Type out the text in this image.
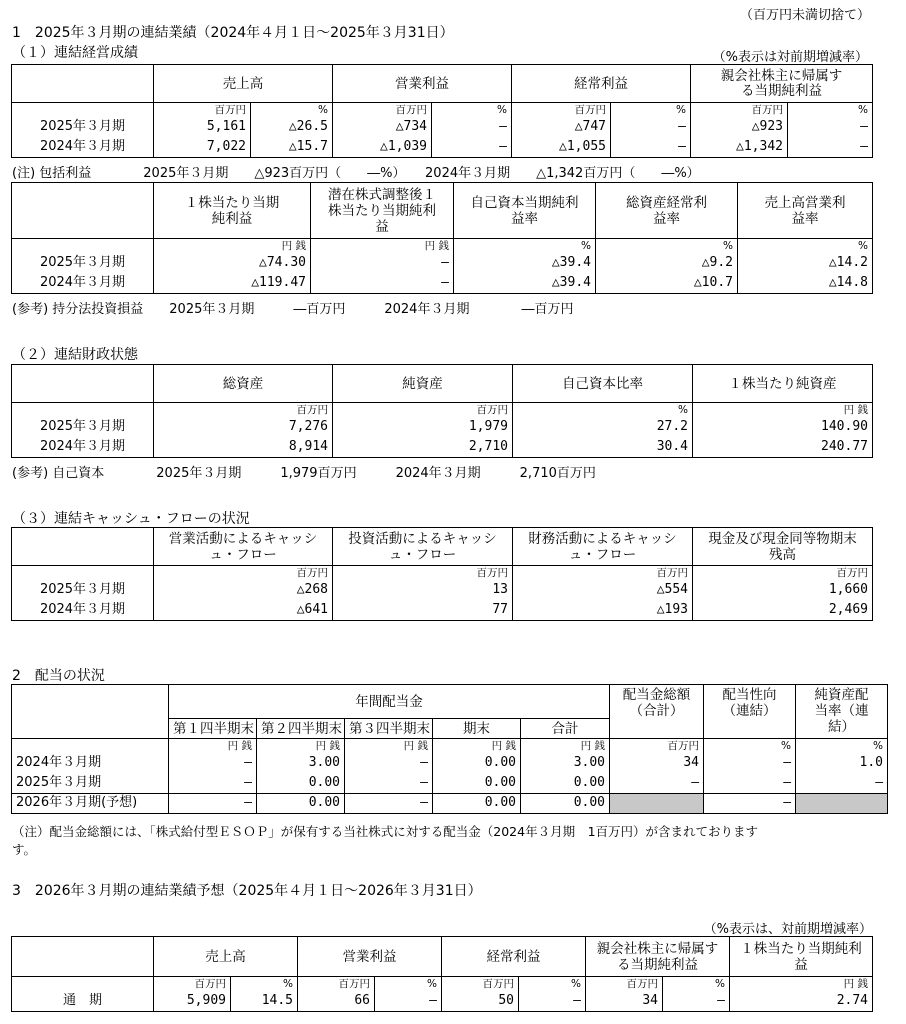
（百万円未満切捨て）
1　2025年３月期の連結業績（2024年４月１日～2025年３月31日）
（１）連結経営成績	（%表示は対前期増減率）
	売上高		営業利益		経常利益		親会社株主に帰属する当期純利益	
	百万円	%	百万円	%	百万円	%	百万円	%
2025年３月期	5,161	△26.5	△734	―	△747	―	△923	―
2024年３月期	7,022	△15.7	△1,039	―	△1,055	―	△1,342	―
(注) 包括利益　　　　2025年３月期　　△923百万円（　　―%）　　2024年３月期　　△1,342百万円（　　―%）
	１株当たり当期純利益	潜在株式調整後１株当たり当期純利益	自己資本当期純利益率	総資産経常利益率	売上高営業利益率
	円 銭	円 銭	%	%	%
2025年３月期	△74.30	―	△39.4	△9.2	△14.2
2024年３月期	△119.47	―	△39.4	△10.7	△14.8
(参考) 持分法投資損益　　2025年３月期　　　―百万円　　　2024年３月期　　　　―百万円
（２）連結財政状態
	総資産	純資産	自己資本比率	１株当たり純資産
	百万円	百万円	%	円 銭
2025年３月期	7,276	1,979	27.2	140.90
2024年３月期	8,914	2,710	30.4	240.77
(参考) 自己資本　　　　2025年３月期　　　1,979百万円　　　2024年３月期　　　2,710百万円
（３）連結キャッシュ・フローの状況
	営業活動によるキャッシュ・フロー	投資活動によるキャッシュ・フロー	財務活動によるキャッシュ・フロー	現金及び現金同等物期末残高
	百万円	百万円	百万円	百万円
2025年３月期	△268	13	△554	1,660
2024年３月期	△641	77	△193	2,469
2　配当の状況
	年間配当金					配当金総額（合計）	配当性向（連結）	純資産配当率（連結）
	第１四半期末	第２四半期末	第３四半期末	期末	合計			
	円 銭	円 銭	円 銭	円 銭	円 銭	百万円	%	%
2024年３月期	―	3.00	―	0.00	3.00	34	―	1.0
2025年３月期	―	0.00	―	0.00	0.00	―	―	―
2026年３月期(予想)	―	0.00	―	0.00	0.00		―	
（注）配当金総額には、「株式給付型ＥＳＯＰ」が保有する当社株式に対する配当金（2024年３月期　1百万円）が含まれております
す。
3　2026年３月期の連結業績予想（2025年４月１日～2026年３月31日）
（%表示は、対前期増減率）
	売上高		営業利益		経常利益		親会社株主に帰属する当期純利益		１株当たり当期純利益
	百万円	%	百万円	%	百万円	%	百万円	%	円 銭
通　期	5,909	14.5	66	―	50	―	34	―	2.74
